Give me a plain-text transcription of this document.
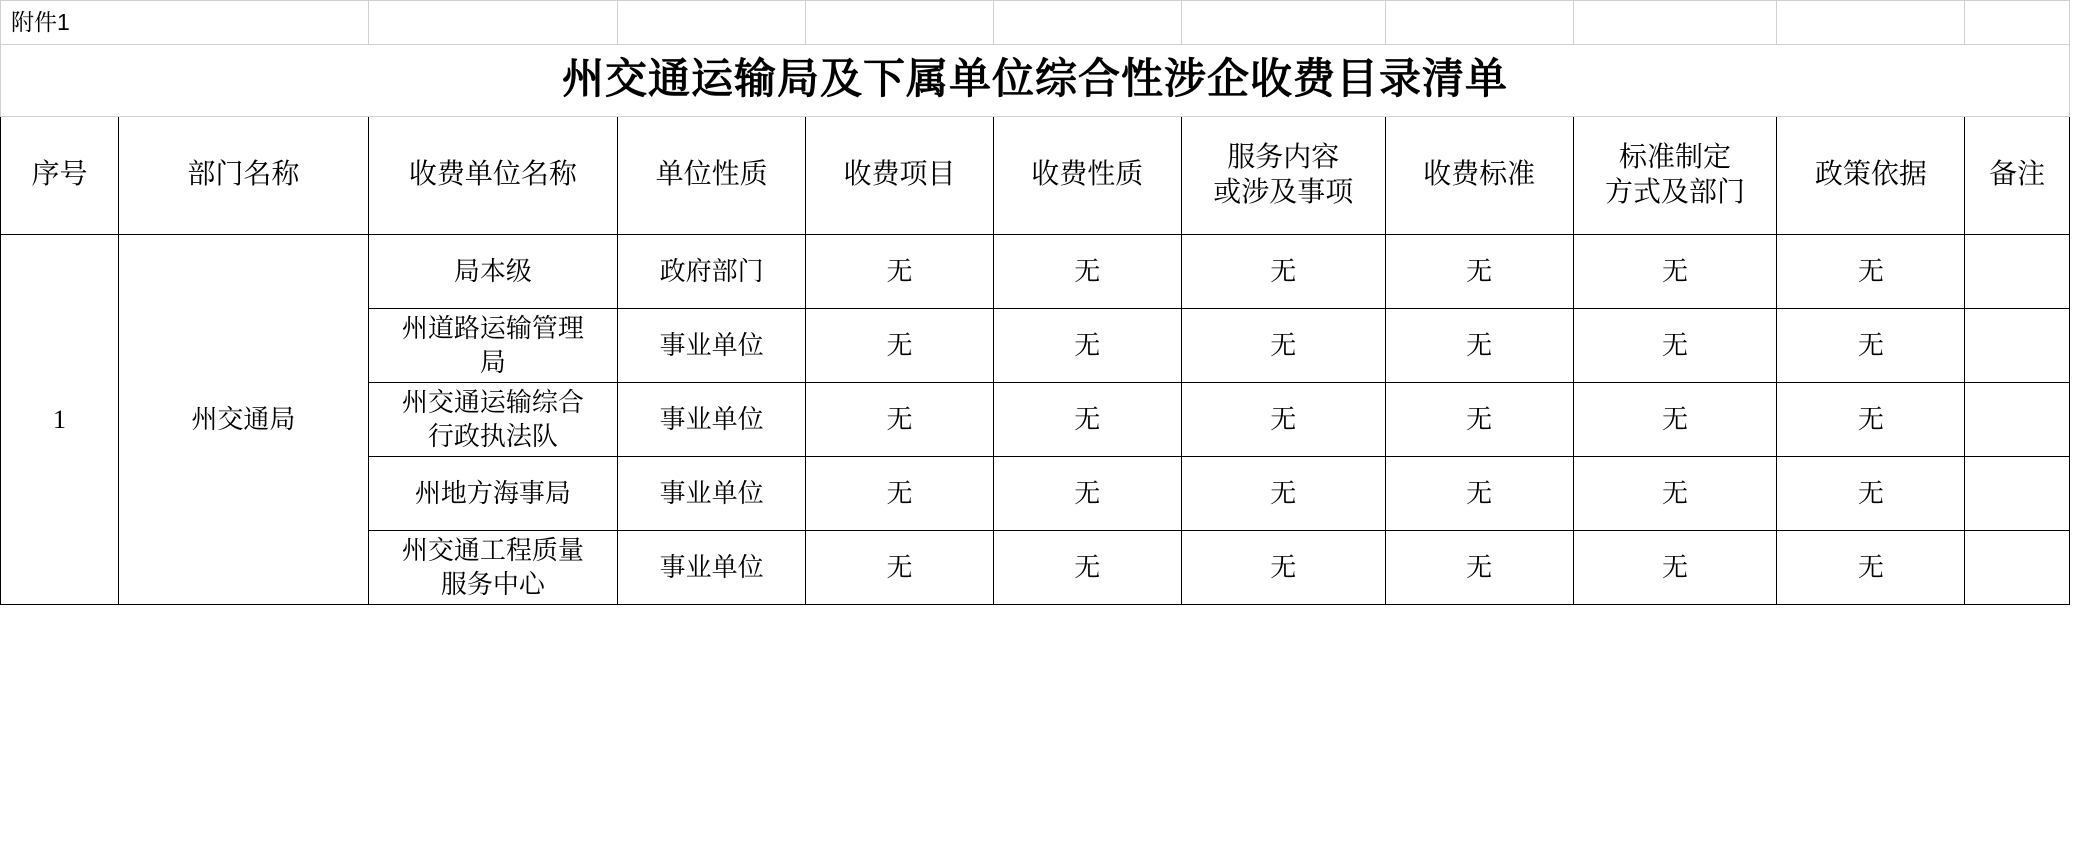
附件1										
州交通运输局及下属单位综合性涉企收费目录清单										
序号	部门名称	收费单位名称	单位性质	收费项目	收费性质	服务内容
或涉及事项	收费标准	标准制定
方式及部门	政策依据	备注
1	州交通局	局本级	政府部门	无	无	无	无	无	无	

		州道路运输管理
局	事业单位	无	无	无	无	无	无	

		州交通运输综合
行政执法队	事业单位	无	无	无	无	无	无	

		州地方海事局	事业单位	无	无	无	无	无	无	

		州交通工程质量
服务中心	事业单位	无	无	无	无	无	无	
